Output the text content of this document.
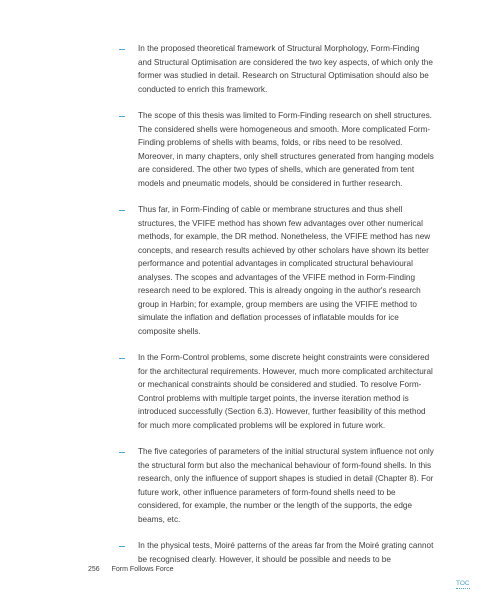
In the proposed theoretical framework of Structural Morphology, Form-Finding and Structural Optimisation are considered the two key aspects, of which only the former was studied in detail. Research on Structural Optimisation should also be conducted to enrich this framework.
The scope of this thesis was limited to Form-Finding research on shell structures. The considered shells were homogeneous and smooth. More complicated Form-Finding problems of shells with beams, folds, or ribs need to be resolved. Moreover, in many chapters, only shell structures generated from hanging models are considered. The other two types of shells, which are generated from tent models and pneumatic models, should be considered in further research.
Thus far, in Form-Finding of cable or membrane structures and thus shell structures, the VFIFE method has shown few advantages over other numerical methods, for example, the DR method. Nonetheless, the VFIFE method has new concepts, and research results achieved by other scholars have shown its better performance and potential advantages in complicated structural behavioural analyses. The scopes and advantages of the VFIFE method in Form-Finding research need to be explored. This is already ongoing in the author's research group in Harbin; for example, group members are using the VFIFE method to simulate the inflation and deflation processes of inflatable moulds for ice composite shells.
In the Form-Control problems, some discrete height constraints were considered for the architectural requirements. However, much more complicated architectural or mechanical constraints should be considered and studied. To resolve Form-Control problems with multiple target points, the inverse iteration method is introduced successfully (Section 6.3). However, further feasibility of this method for much more complicated problems will be explored in future work.
The five categories of parameters of the initial structural system influence not only the structural form but also the mechanical behaviour of form-found shells. In this research, only the influence of support shapes is studied in detail (Chapter 8). For future work, other influence parameters of form-found shells need to be considered, for example, the number or the length of the supports, the edge beams, etc.
In the physical tests, Moiré patterns of the areas far from the Moiré grating cannot be recognised clearly. However, it should be possible and needs to be
256 Form Follows Force
TOC
